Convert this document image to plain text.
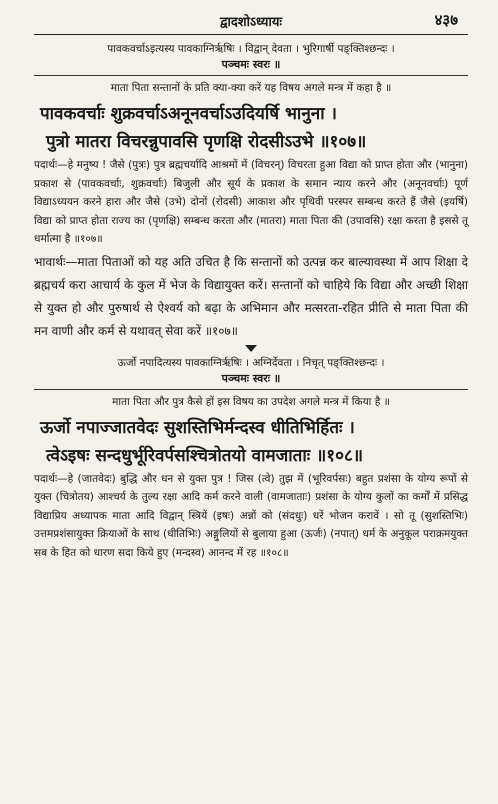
द्वादशोऽध्यायः	४३७
पावकवर्चाऽइत्यस्य पावकाग्निर्ऋषिः । विद्वान् देवता । भुरिगार्षी पङ्क्तिश्छन्दः ।
पञ्चमः स्वरः ॥
माता पिता सन्तानों के प्रति क्या-क्या करें यह विषय अगले मन्त्र में कहा है ॥
पावकवर्चाः शुक्रवर्चाऽअनूनवर्चाऽउदियर्षि भानुना ।
पुत्रो मातरा विचरन्नुपावसि पृणक्षि रोदसीऽउभे ॥१०७॥
पदार्थः—हे मनुष्य ! जैसे (पुत्रः) पुत्र ब्रह्मचर्यादि आश्रमों में (विचरन्) विचरता हुआ विद्या को प्राप्त होता और (भानुना) प्रकाश से (पावकवर्चाः, शुक्रवर्चाः) बिजुली और सूर्य के प्रकाश के समान न्याय करने और (अनूनवर्चाः) पूर्ण विद्याऽध्ययन करने हारा और जैसे (उभे) दोनों (रोदसी) आकाश और पृथिवी परस्पर सम्बन्ध करते हैं जैसे (इयर्षि) विद्या को प्राप्त होता राज्य का (पृणक्षि) सम्बन्ध करता और (मातरा) माता पिता की (उपावसि) रक्षा करता है इससे तू धर्मात्मा है ॥१०७॥
भावार्थः—माता पिताओं को यह अति उचित है कि सन्तानों को उत्पन्न कर बाल्यावस्था में आप शिक्षा दे ब्रह्मचर्य करा आचार्य के कुल में भेज के विद्यायुक्त करें। सन्तानों को चाहिये कि विद्या और अच्छी शिक्षा से युक्त हो और पुरुषार्थ से ऐश्वर्य को बढ़ा के अभिमान और मत्सरता-रहित प्रीति से माता पिता की मन वाणी और कर्म से यथावत् सेवा करें ॥१०७॥
ऊर्जो नपादित्यस्य पावकाग्निर्ऋषिः । अग्निर्देवता । निचृत् पङ्क्तिश्छन्दः ।
पञ्चमः स्वरः ॥
माता पिता और पुत्र कैसे हों इस विषय का उपदेश अगले मन्त्र में किया है ॥
ऊर्जो नपाज्जातवेदः सुशस्तिभिर्मन्दस्व धीतिभिर्हितः ।
त्वेऽइषः सन्दधुर्भूरिवर्पसश्चित्रोतयो वामजाताः ॥१०८॥
पदार्थः—हे (जातवेदः) बुद्धि और धन से युक्त पुत्र ! जिस (त्वे) तुझ में (भूरिवर्पसः) बहुत प्रशंसा के योग्य रूपों से युक्त (चित्रोतय) आश्चर्य के तुल्य रक्षा आदि कर्म करने वाली (वामजाताः) प्रशंसा के योग्य कुलों का कर्मों में प्रसिद्ध विद्याप्रिय अध्यापक माता आदि विद्वान् स्त्रियें (इषः) अन्नों को (संदधुः) धरें भोजन करावें । सो तू (सुशस्तिभिः) उत्तमप्रशंसायुक्त क्रियाओं के साथ (धीतिभिः) अङ्गुलियों से बुलाया हुआ (ऊर्जः) (नपात्) धर्म के अनुकूल पराक्रमयुक्त सब के हित को धारण सदा किये हुए (मन्दस्व) आनन्द में रह ॥१०८॥
